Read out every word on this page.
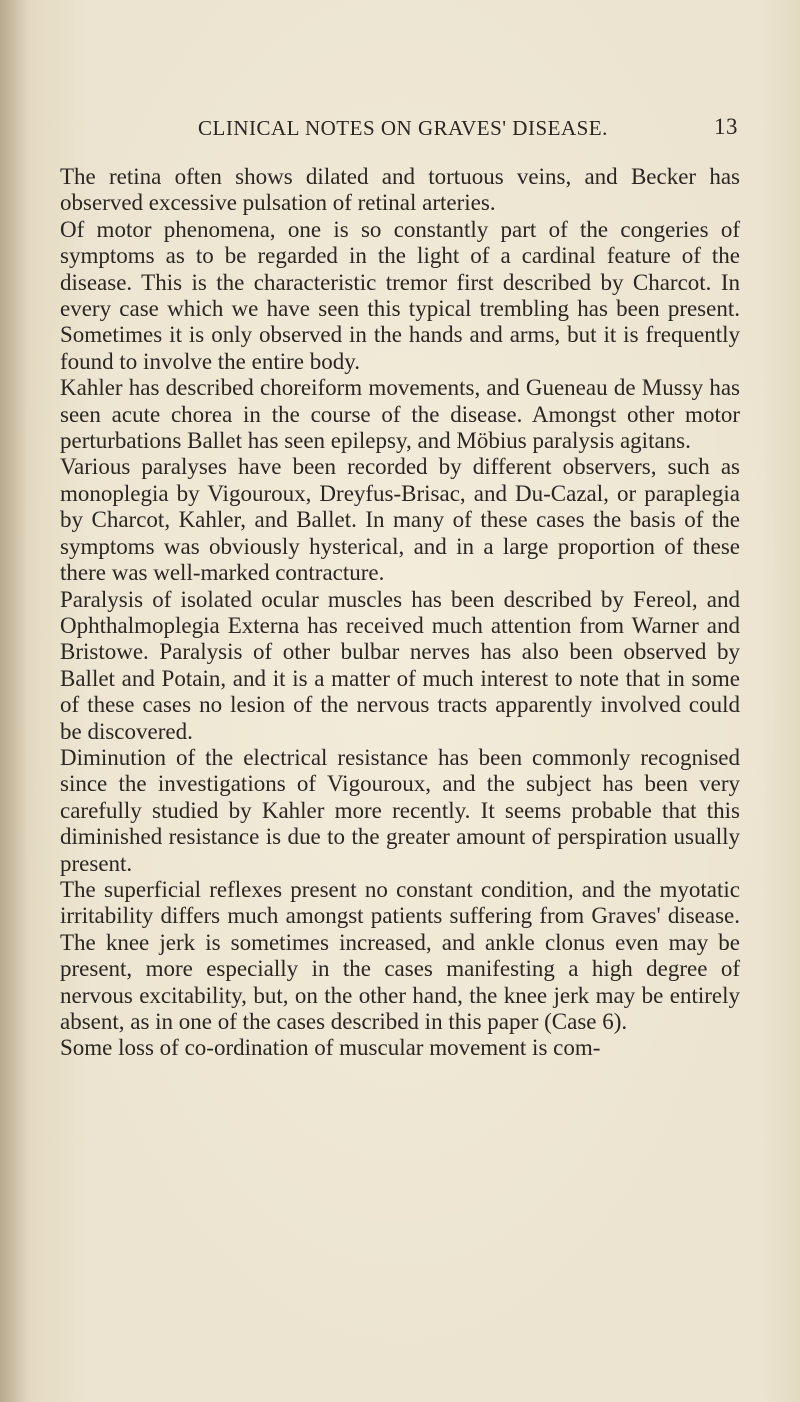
CLINICAL NOTES ON GRAVES' DISEASE.	13

The retina often shows dilated and tortuous veins, and Becker has observed excessive pulsation of retinal arteries.

Of motor phenomena, one is so constantly part of the congeries of symptoms as to be regarded in the light of a cardinal feature of the disease. This is the characteristic tremor first described by Charcot. In every case which we have seen this typical trembling has been present. Sometimes it is only observed in the hands and arms, but it is frequently found to involve the entire body.

Kahler has described choreiform movements, and Gueneau de Mussy has seen acute chorea in the course of the disease. Amongst other motor perturbations Ballet has seen epilepsy, and Möbius paralysis agitans.

Various paralyses have been recorded by different observers, such as monoplegia by Vigouroux, Dreyfus-Brisac, and Du-Cazal, or paraplegia by Charcot, Kahler, and Ballet. In many of these cases the basis of the symptoms was obviously hysterical, and in a large proportion of these there was well-marked contracture.

Paralysis of isolated ocular muscles has been described by Fereol, and Ophthalmoplegia Externa has received much attention from Warner and Bristowe. Paralysis of other bulbar nerves has also been observed by Ballet and Potain, and it is a matter of much interest to note that in some of these cases no lesion of the nervous tracts apparently involved could be discovered.

Diminution of the electrical resistance has been commonly recognised since the investigations of Vigouroux, and the subject has been very carefully studied by Kahler more recently. It seems probable that this diminished resistance is due to the greater amount of perspiration usually present.

The superficial reflexes present no constant condition, and the myotatic irritability differs much amongst patients suffering from Graves' disease. The knee jerk is sometimes increased, and ankle clonus even may be present, more especially in the cases manifesting a high degree of nervous excitability, but, on the other hand, the knee jerk may be entirely absent, as in one of the cases described in this paper (Case 6).

Some loss of co-ordination of muscular movement is com-
